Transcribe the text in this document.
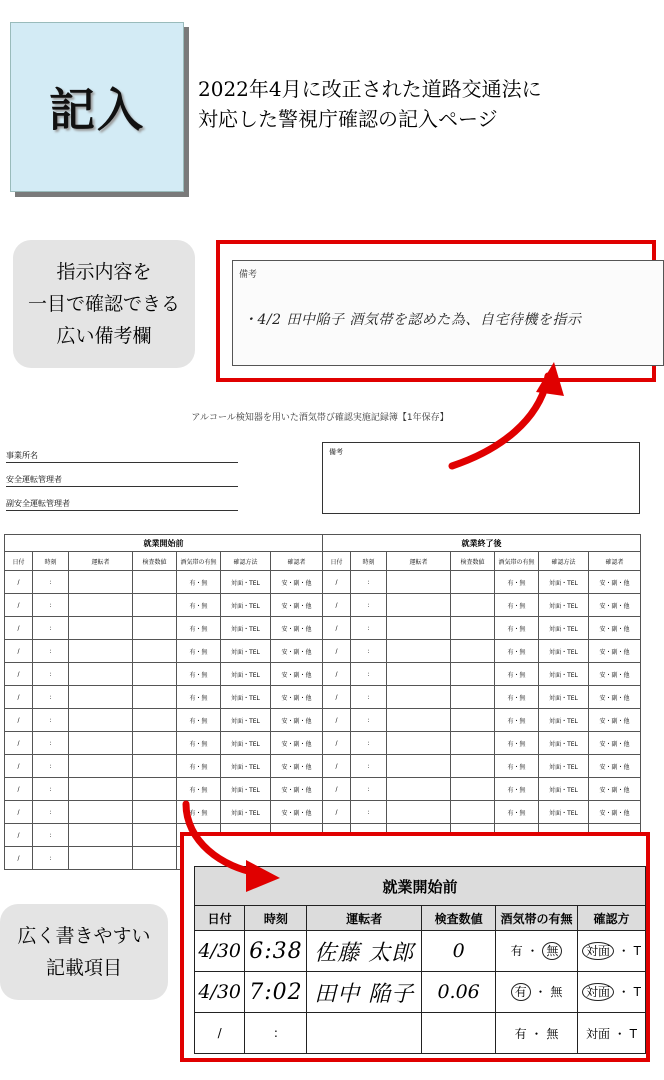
記入	2022年4月に改正された道路交通法に
対応した警視庁確認の記入ページ
指示内容を
一目で確認できる
広い備考欄
備考
・4/2 田中陥子 酒気帯を認めた為、自宅待機を指示
アルコール検知器を用いた酒気帯び確認実施記録簿【1年保存】
事業所名
安全運転管理者
副安全運転管理者
備考
就業開始前						
日付	時刻	運転者	検査数値	酒気帯の有無	確認方法	確認者
/	:			有・無	対面・TEL	安・副・他
/	:			有・無	対面・TEL	安・副・他
/	:			有・無	対面・TEL	安・副・他
/	:			有・無	対面・TEL	安・副・他
/	:			有・無	対面・TEL	安・副・他
/	:			有・無	対面・TEL	安・副・他
/	:			有・無	対面・TEL	安・副・他
/	:			有・無	対面・TEL	安・副・他
/	:			有・無	対面・TEL	安・副・他
/	:			有・無	対面・TEL	安・副・他
/	:			有・無	対面・TEL	安・副・他
/	:					
/	:					
就業終了後						
日付	時刻	運転者	検査数値	酒気帯の有無	確認方法	確認者
/	:			有・無	対面・TEL	安・副・他
/	:			有・無	対面・TEL	安・副・他
/	:			有・無	対面・TEL	安・副・他
/	:			有・無	対面・TEL	安・副・他
/	:			有・無	対面・TEL	安・副・他
/	:			有・無	対面・TEL	安・副・他
/	:			有・無	対面・TEL	安・副・他
/	:			有・無	対面・TEL	安・副・他
/	:			有・無	対面・TEL	安・副・他
/	:			有・無	対面・TEL	安・副・他
/	:			有・無	対面・TEL	安・副・他

広く書きやすい
記載項目
就業開始前					
日付	時刻	運転者	検査数値	酒気帯の有無	確認方
4/30	6:38	佐藤 太郎	0	有 ・ 無	対面 ・ T
4/30	7:02	田中 陥子	0.06	有 ・ 無	対面 ・ T
/	:			有 ・ 無	対面 ・ T
